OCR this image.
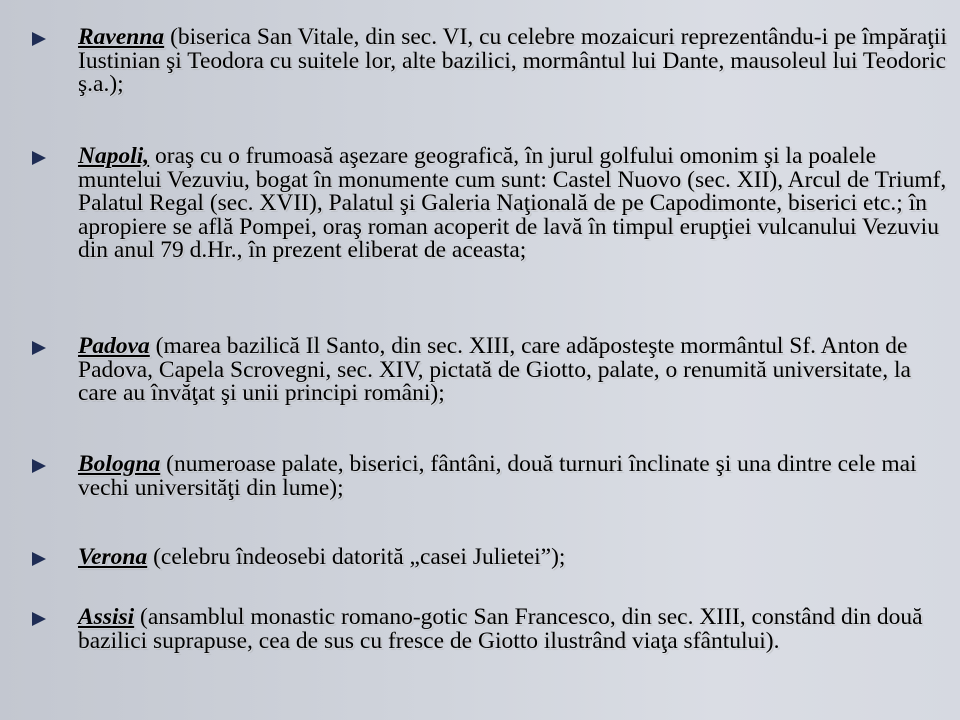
Ravenna (biserica San Vitale, din sec. VI, cu celebre mozaicuri reprezentându-i pe împăraţii Iustinian şi Teodora cu suitele lor, alte bazilici, mormântul lui Dante, mausoleul lui Teodoric ş.a.);
Napoli, oraş cu o frumoasă aşezare geografică, în jurul golfului omonim şi la poalele muntelui Vezuviu, bogat în monumente cum sunt: Castel Nuovo (sec. XII), Arcul de Triumf, Palatul Regal (sec. XVII), Palatul şi Galeria Naţională de pe Capodimonte, biserici etc.; în apropiere se află Pompei, oraş roman acoperit de lavă în timpul erupţiei vulcanului Vezuviu din anul 79 d.Hr., în prezent eliberat de aceasta;
Padova (marea bazilică Il Santo, din sec. XIII, care adăposteşte mormântul Sf. Anton de Padova, Capela Scrovegni, sec. XIV, pictată de Giotto, palate, o renumită universitate, la care au învăţat şi unii principi români);
Bologna (numeroase palate, biserici, fântâni, două turnuri înclinate şi una dintre cele mai vechi universităţi din lume);
Verona (celebru îndeosebi datorită „casei Julietei”);
Assisi (ansamblul monastic romano-gotic San Francesco, din sec. XIII, constând din două bazilici suprapuse, cea de sus cu fresce de Giotto ilustrând viaţa sfântului).
